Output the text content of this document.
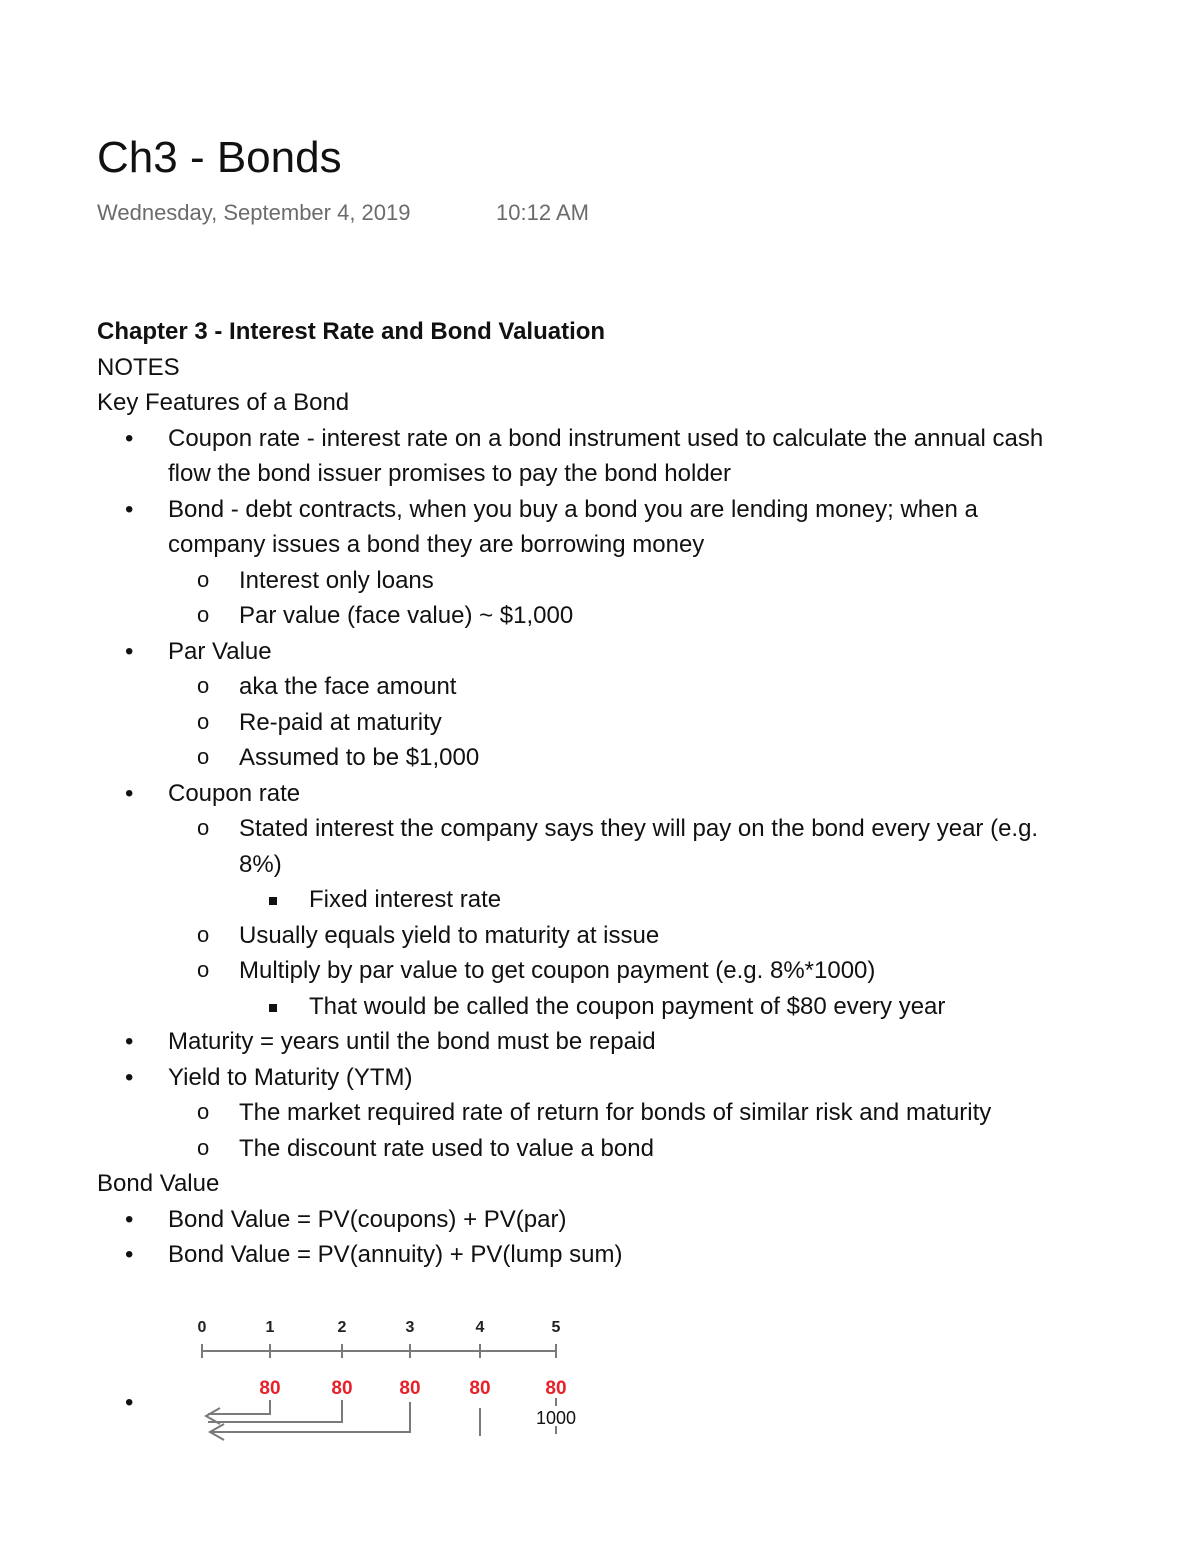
Ch3 - Bonds
Wednesday, September 4, 2019	10:12 AM

Chapter 3 - Interest Rate and Bond Valuation

NOTES

Key Features of a Bond

• Coupon rate - interest rate on a bond instrument used to calculate the annual cash flow the bond issuer promises to pay the bond holder
• Bond - debt contracts, when you buy a bond you are lending money; when a company issues a bond they are borrowing money
o Interest only loans
o Par value (face value) ~ $1,000
• Par Value
o aka the face amount
o Re-paid at maturity
o Assumed to be $1,000
• Coupon rate
o Stated interest the company says they will pay on the bond every year (e.g. 8%)
Fixed interest rate
o Usually equals yield to maturity at issue
o Multiply by par value to get coupon payment (e.g. 8%*1000)
That would be called the coupon payment of $80 every year
• Maturity = years until the bond must be repaid
• Yield to Maturity (YTM)
o The market required rate of return for bonds of similar risk and maturity
o The discount rate used to value a bond

Bond Value

• Bond Value = PV(coupons) + PV(par)
• Bond Value = PV(annuity) + PV(lump sum)
•
0	1	2	3	4	5
80	80 80	80	80
1000
